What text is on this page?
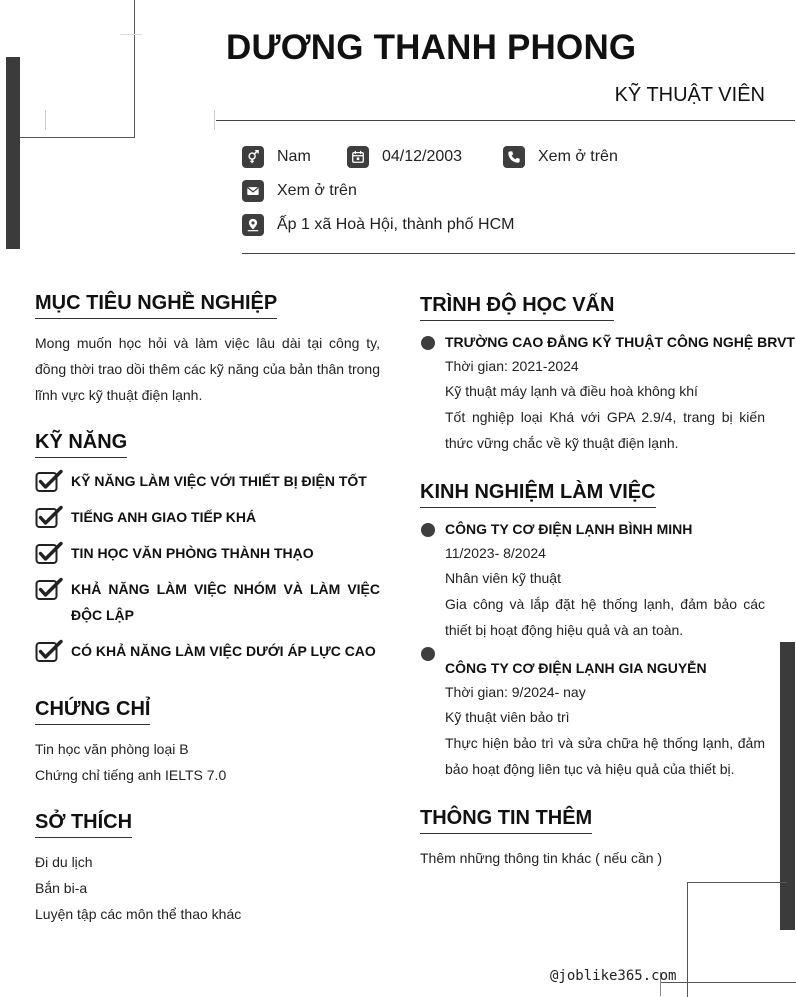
DƯƠNG THANH PHONG
KỸ THUẬT VIÊN
Nam	04/12/2003	Xem ở trên
Xem ở trên
Ấp 1 xã Hoà Hội, thành phố HCM
MỤC TIÊU NGHỀ NGHIỆP
Mong muốn học hỏi và làm việc lâu dài tại công ty, đồng thời trao dồi thêm các kỹ năng của bản thân trong lĩnh vực kỹ thuật điện lạnh.
KỸ NĂNG
KỸ NĂNG LÀM VIỆC VỚI THIẾT BỊ ĐIỆN TỐT
TIẾNG ANH GIAO TIẾP KHÁ
TIN HỌC VĂN PHÒNG THÀNH THẠO
KHẢ NĂNG LÀM VIỆC NHÓM VÀ LÀM VIỆC ĐỘC LẬP
CÓ KHẢ NĂNG LÀM VIỆC DƯỚI ÁP LỰC CAO
CHỨNG CHỈ
Tin học văn phòng loại B
Chứng chỉ tiếng anh IELTS 7.0
SỞ THÍCH
Đi du lịch
Bắn bi-a
Luyện tập các môn thể thao khác
TRÌNH ĐỘ HỌC VẤN
TRƯỜNG CAO ĐẲNG KỸ THUẬT CÔNG NGHỆ BRVT
Thời gian: 2021-2024
Kỹ thuật máy lạnh và điều hoà không khí
Tốt nghiệp loại Khá với GPA 2.9/4, trang bị kiến thức vững chắc về kỹ thuật điện lạnh.
KINH NGHIỆM LÀM VIỆC
CÔNG TY CƠ ĐIỆN LẠNH BÌNH MINH
11/2023- 8/2024
Nhân viên kỹ thuật
Gia công và lắp đặt hệ thống lạnh, đảm bảo các thiết bị hoạt động hiệu quả và an toàn.
CÔNG TY CƠ ĐIỆN LẠNH GIA NGUYỄN
Thời gian: 9/2024- nay
Kỹ thuật viên bảo trì
Thực hiện bảo trì và sửa chữa hệ thống lạnh, đảm bảo hoạt động liên tục và hiệu quả của thiết bị.
THÔNG TIN THÊM
Thêm những thông tin khác ( nếu cần )
@joblike365.com
